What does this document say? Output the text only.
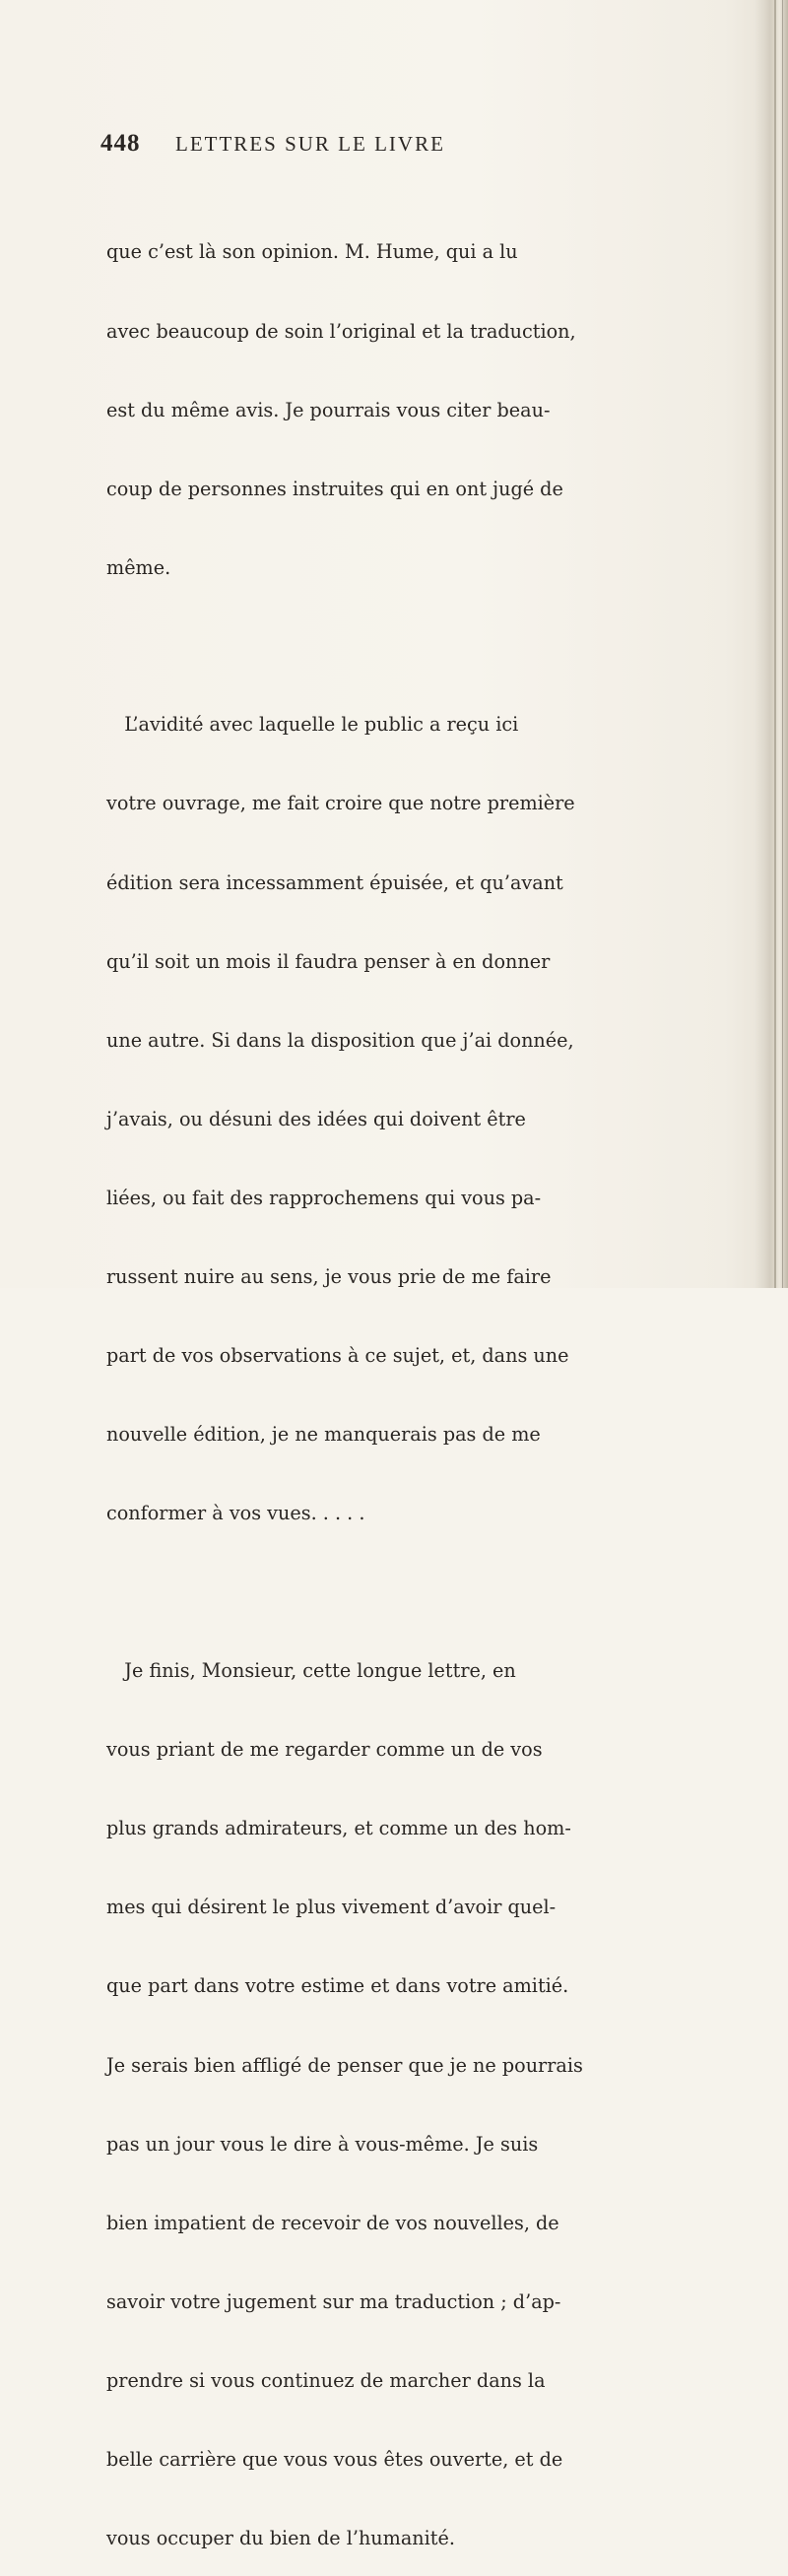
448	LETTRES SUR LE LIVRE

que c’est là son opinion. M. Hume, qui a lu

avec beaucoup de soin l’original et la traduction,

est du même avis. Je pourrais vous citer beau-

coup de personnes instruites qui en ont jugé de

même.

L’avidité avec laquelle le public a reçu ici

votre ouvrage, me fait croire que notre première

édition sera incessamment épuisée, et qu’avant

qu’il soit un mois il faudra penser à en donner

une autre. Si dans la disposition que j’ai donnée,

j’avais, ou désuni des idées qui doivent être

liées, ou fait des rapprochemens qui vous pa-

russent nuire au sens, je vous prie de me faire

part de vos observations à ce sujet, et, dans une

nouvelle édition, je ne manquerais pas de me

conformer à vos vues. . . . .

Je finis, Monsieur, cette longue lettre, en

vous priant de me regarder comme un de vos

plus grands admirateurs, et comme un des hom-

mes qui désirent le plus vivement d’avoir quel-

que part dans votre estime et dans votre amitié.

Je serais bien affligé de penser que je ne pourrais

pas un jour vous le dire à vous-même. Je suis

bien impatient de recevoir de vos nouvelles, de

savoir votre jugement sur ma traduction ; d’ap-

prendre si vous continuez de marcher dans la

belle carrière que vous vous êtes ouverte, et de

vous occuper du bien de l’humanité.
